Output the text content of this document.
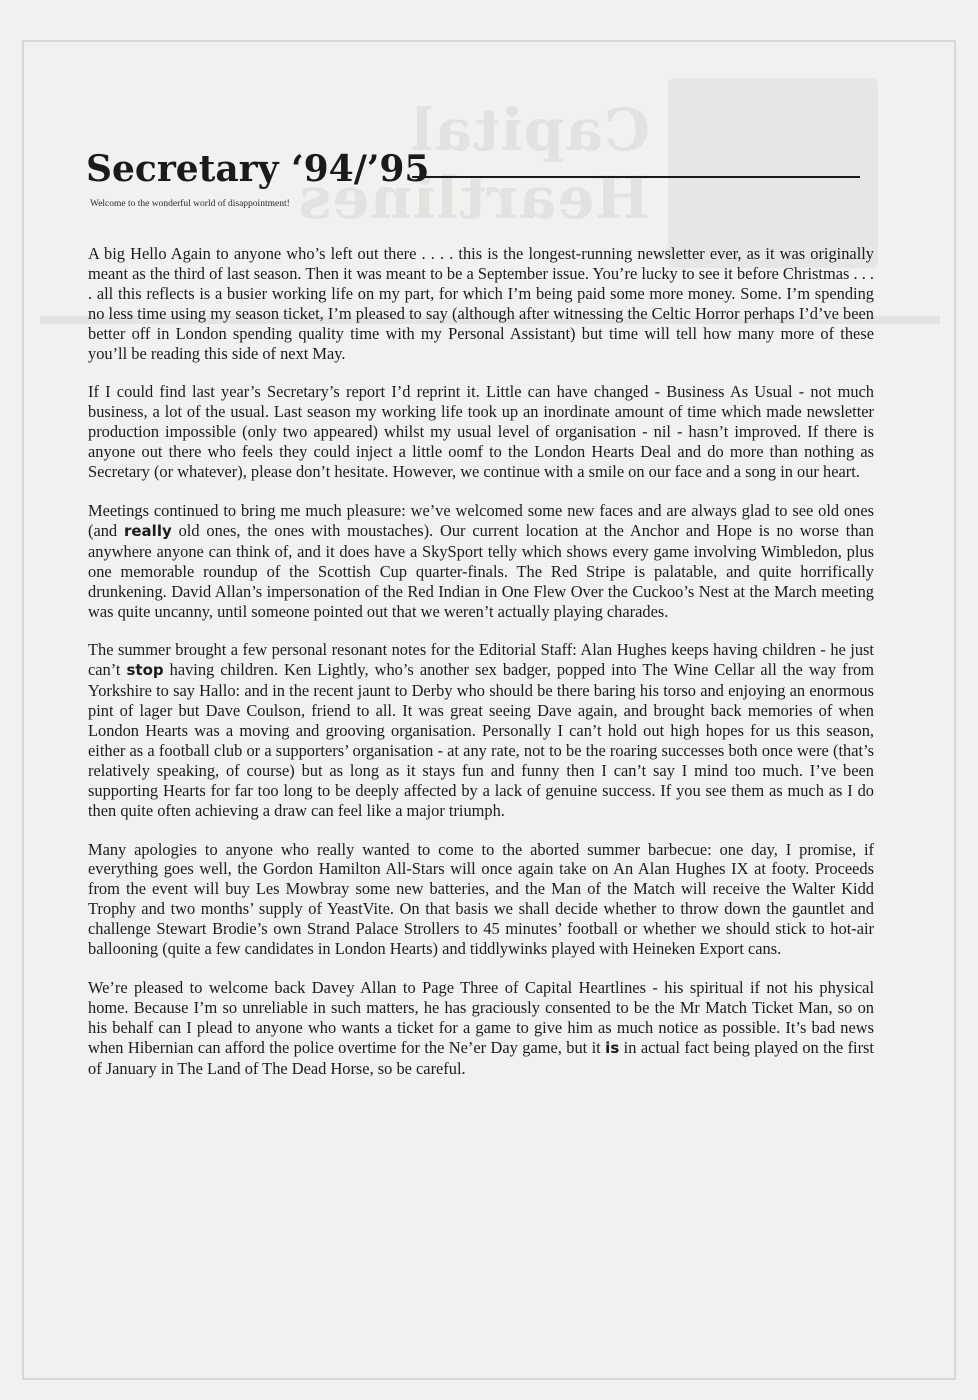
Capital Heartlines
Secretary ‘94/’95
Welcome to the wonderful world of disappointment!

A big Hello Again to anyone who’s left out there . . . . this is the longest-running newsletter ever, as it was originally meant as the third of last season. Then it was meant to be a September issue. You’re lucky to see it before Christmas . . . . all this reflects is a busier working life on my part, for which I’m being paid some more money. Some. I’m spending no less time using my season ticket, I’m pleased to say (although after witnessing the Celtic Horror perhaps I’d’ve been better off in London spending quality time with my Personal Assistant) but time will tell how many more of these you’ll be reading this side of next May.

If I could find last year’s Secretary’s report I’d reprint it. Little can have changed - Business As Usual - not much business, a lot of the usual. Last season my working life took up an inordinate amount of time which made newsletter production impossible (only two appeared) whilst my usual level of organisation - nil - hasn’t improved. If there is anyone out there who feels they could inject a little oomf to the London Hearts Deal and do more than nothing as Secretary (or whatever), please don’t hesitate. However, we continue with a smile on our face and a song in our heart.

Meetings continued to bring me much pleasure: we’ve welcomed some new faces and are always glad to see old ones (and really old ones, the ones with moustaches). Our current location at the Anchor and Hope is no worse than anywhere anyone can think of, and it does have a SkySport telly which shows every game involving Wimbledon, plus one memorable roundup of the Scottish Cup quarter-finals. The Red Stripe is palatable, and quite horrifically drunkening. David Allan’s impersonation of the Red Indian in One Flew Over the Cuckoo’s Nest at the March meeting was quite uncanny, until someone pointed out that we weren’t actually playing charades.

The summer brought a few personal resonant notes for the Editorial Staff: Alan Hughes keeps having children - he just can’t stop having children. Ken Lightly, who’s another sex badger, popped into The Wine Cellar all the way from Yorkshire to say Hallo: and in the recent jaunt to Derby who should be there baring his torso and enjoying an enormous pint of lager but Dave Coulson, friend to all. It was great seeing Dave again, and brought back memories of when London Hearts was a moving and grooving organisation. Personally I can’t hold out high hopes for us this season, either as a football club or a supporters’ organisation - at any rate, not to be the roaring successes both once were (that’s relatively speaking, of course) but as long as it stays fun and funny then I can’t say I mind too much. I’ve been supporting Hearts for far too long to be deeply affected by a lack of genuine success. If you see them as much as I do then quite often achieving a draw can feel like a major triumph.

Many apologies to anyone who really wanted to come to the aborted summer barbecue: one day, I promise, if everything goes well, the Gordon Hamilton All-Stars will once again take on An Alan Hughes IX at footy. Proceeds from the event will buy Les Mowbray some new batteries, and the Man of the Match will receive the Walter Kidd Trophy and two months’ supply of YeastVite. On that basis we shall decide whether to throw down the gauntlet and challenge Stewart Brodie’s own Strand Palace Strollers to 45 minutes’ football or whether we should stick to hot-air ballooning (quite a few candidates in London Hearts) and tiddlywinks played with Heineken Export cans.

We’re pleased to welcome back Davey Allan to Page Three of Capital Heartlines - his spiritual if not his physical home. Because I’m so unreliable in such matters, he has graciously consented to be the Mr Match Ticket Man, so on his behalf can I plead to anyone who wants a ticket for a game to give him as much notice as possible. It’s bad news when Hibernian can afford the police overtime for the Ne’er Day game, but it is in actual fact being played on the first of January in The Land of The Dead Horse, so be careful.
